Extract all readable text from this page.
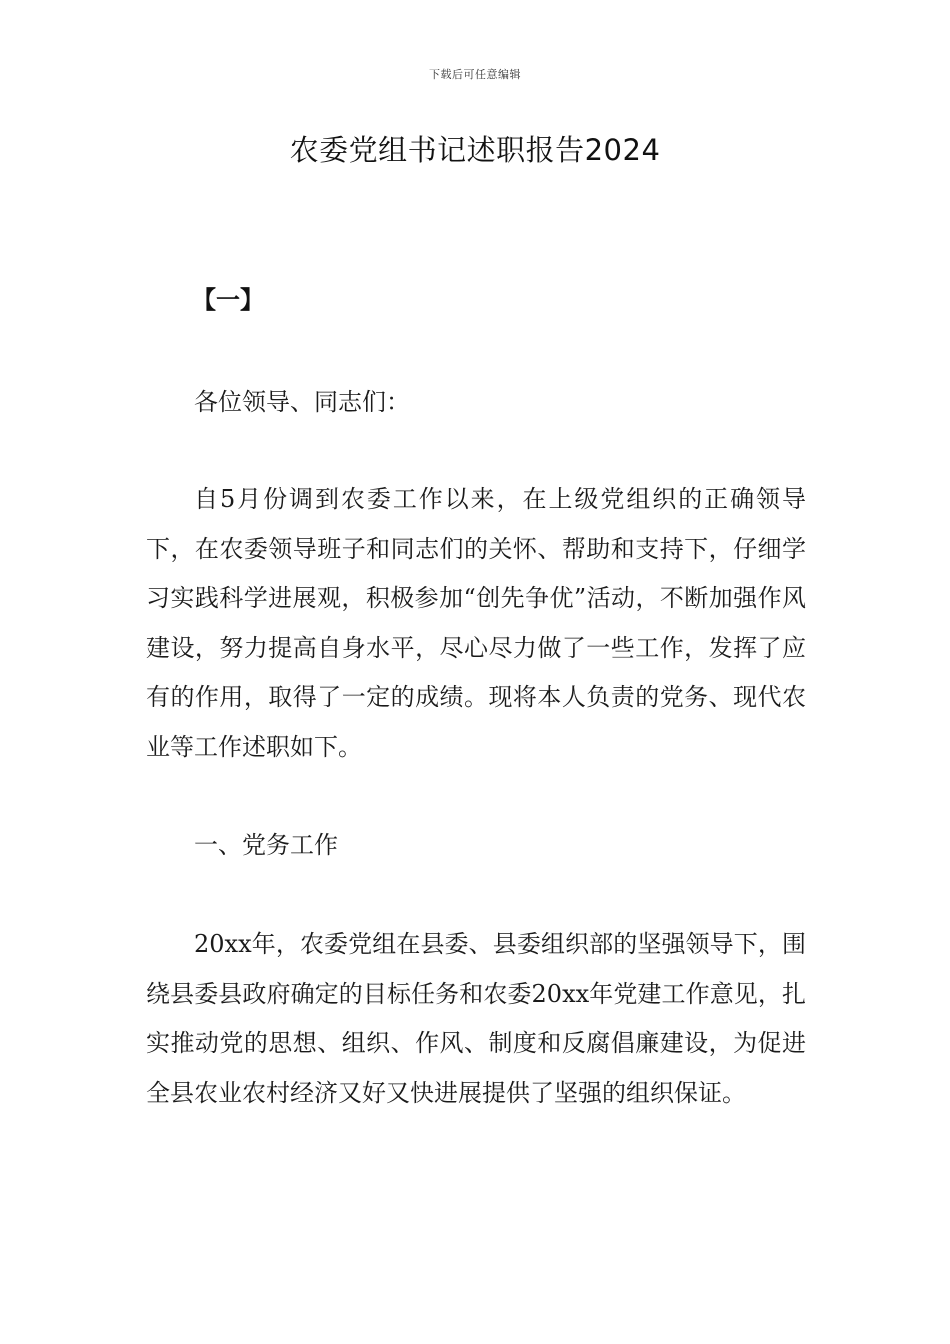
下载后可任意编辑
农委党组书记述职报告2024
【一】

各位领导、同志们：

自5月份调到农委工作以来，在上级党组织的正确领导下，在农委领导班子和同志们的关怀、帮助和支持下，仔细学习实践科学进展观，积极参加“创先争优”活动，不断加强作风建设，努力提高自身水平，尽心尽力做了一些工作，发挥了应有的作用，取得了一定的成绩。现将本人负责的党务、现代农业等工作述职如下。

一、党务工作

20xx年，农委党组在县委、县委组织部的坚强领导下，围绕县委县政府确定的目标任务和农委20xx年党建工作意见，扎实推动党的思想、组织、作风、制度和反腐倡廉建设，为促进全县农业农村经济又好又快进展提供了坚强的组织保证。
